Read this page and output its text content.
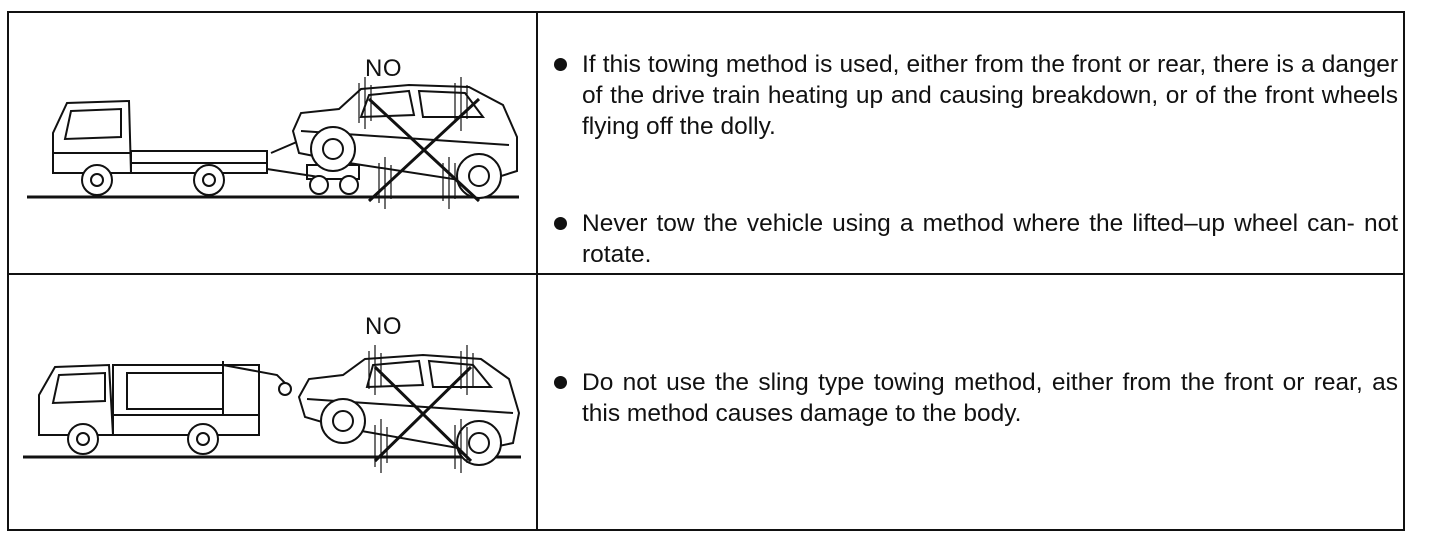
NO	If this towing method is used, either from the front or rear, there is a danger of the drive train heating up and causing breakdown, or of the front wheels flying off the dolly.
Never tow the vehicle using a method where the lifted–up wheel can- not rotate.
NO
Do not use the sling type towing method, either from the front or rear, as this method causes damage to the body.
